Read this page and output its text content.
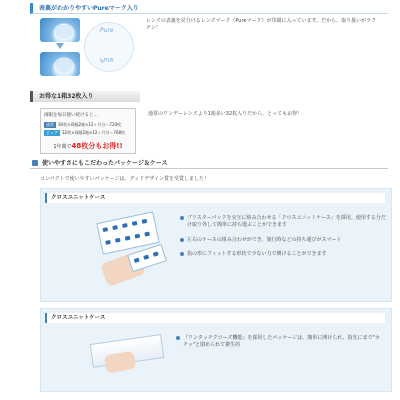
表裏がわかりやすいPureマーク入り
Pure
Pure
レンズの表裏を見分けるレンズマーク（Pureマーク）が印刷に入っています。だから、取り扱いがラクチン！
お得な1箱32枚入り
両眼を毎日使い続けると…
通常 30枚×両眼2箱×12ヶ月分＝720枚
ピュア 32枚×両眼2箱×12ヶ月分＝768枚
1年間で48枚分もお得!!
通常のワンデーレンズより1箱多い32枚入りだから、とってもお得！
使いやすさにもこだわったパッケージ＆ケース
コンパクトで使いやすいパッケージは、グッドデザイン賞を受賞しました！
クロスユニットケース
ブリスターパックを交互に組み合わせる「クロスユニットケース」を採用。使用する分だけ取り外して簡単に持ち運ぶことができます
左右のケースの組み合わせができ、旅行時などの持ち運びがスマート
指の形にフィットする形状で少ない力で開けることができます
クロスユニットケース
『ワンタッチクローズ機能』を採用したパッケージは、簡単に開けられ、指先にまで"カチッ"と閉められて衛生的
